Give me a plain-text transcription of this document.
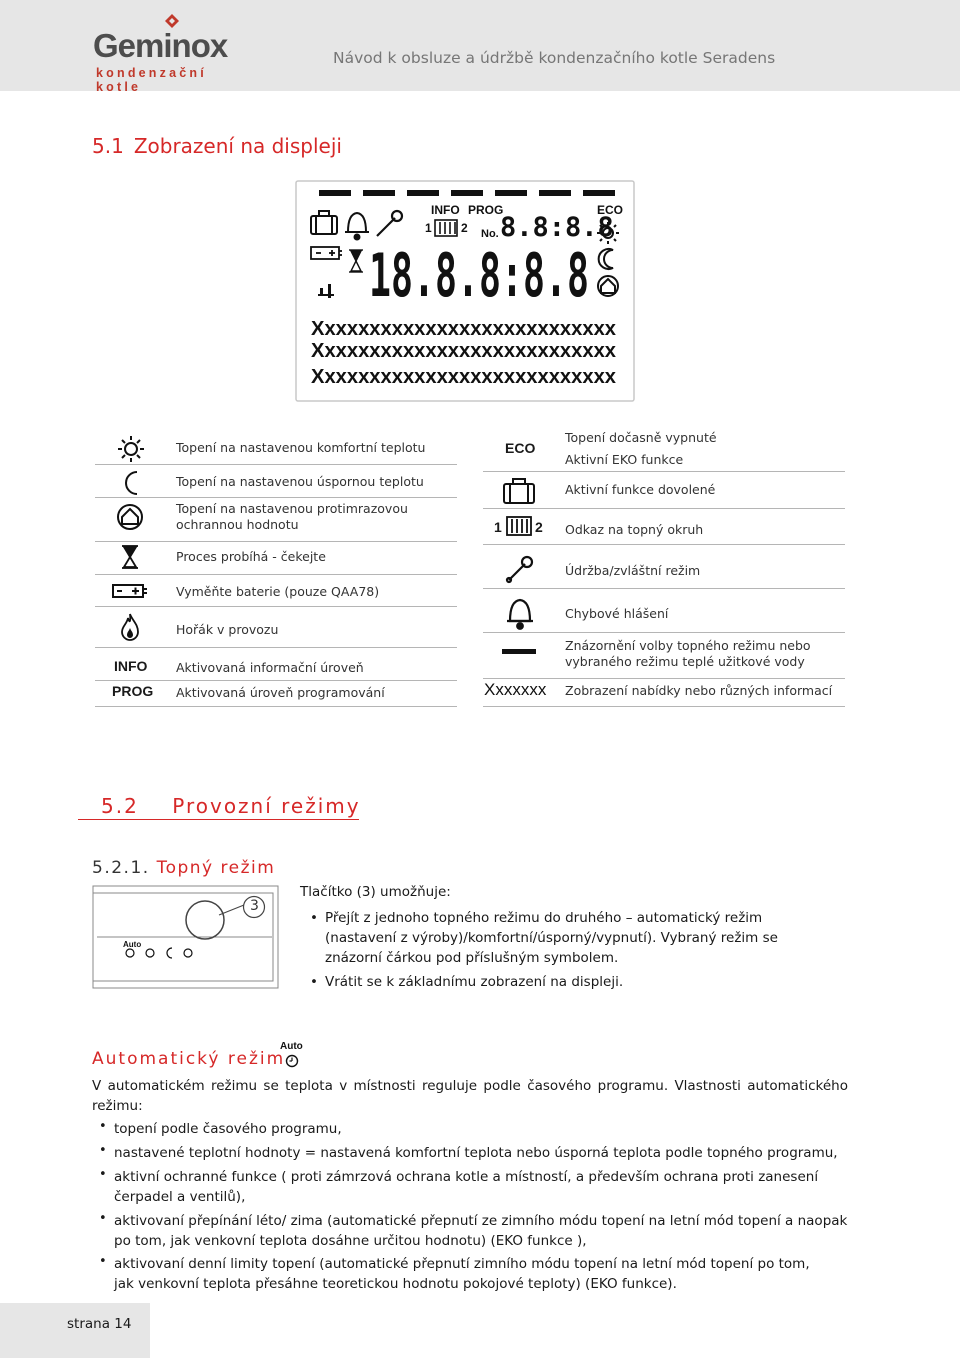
Geminox
kondenzační kotle
Návod k obsluze a údržbě kondenzačního kotle Seradens
5.1 Zobrazení na displeji
INFO PROG
1 2 No. 8.8:8.8
ECO
18.8.8:8.8
Xxxxxxxxxxxxxxxxxxxxxxxxxxx
Xxxxxxxxxxxxxxxxxxxxxxxxxxx
Xxxxxxxxxxxxxxxxxxxxxxxxxxx
Topení na nastavenou komfortní teplotu
Topení na nastavenou úspornou teplotu
Topení na nastavenou protimrazovou ochrannou hodnotu
Proces probíhá - čekejte
Vyměňte baterie (pouze QAA78)
Hořák v provozu
INFO Aktivovaná informační úroveň
PROG Aktivovaná úroveň programování
ECO
Topení dočasně vypnuté
Aktivní EKO funkce
Aktivní funkce dovolené
1 2 Odkaz na topný okruh
Údržba/zvláštní režim
Chybové hlášení
Znázornění volby topného režimu nebo vybraného režimu teplé užitkové vody
Xxxxxxx Zobrazení nabídky nebo různých informací
5.2 Provozní režimy
5.2.1. Topný režim
Auto
3
Tlačítko (3) umožňuje:
• Přejít z jednoho topného režimu do druhého – automatický režim (nastavení z výroby)/komfortní/úsporný/vypnutí). Vybraný režim se znázorní čárkou pod příslušným symbolem.
• Vrátit se k základnímu zobrazení na displeji.
Automatický režim
Auto
V automatickém režimu se teplota v místnosti reguluje podle časového programu. Vlastnosti automatického režimu:
• topení podle časového programu,
• nastavené teplotní hodnoty = nastavená komfortní teplota nebo úsporná teplota podle topného programu,
• aktivní ochranné funkce ( proti zámrzová ochrana kotle a místností, a především ochrana proti zanesení čerpadel a ventilů),
• aktivovaní přepínání léto/ zima (automatické přepnutí ze zimního módu topení na letní mód topení a naopak po tom, jak venkovní teplota dosáhne určitou hodnotu) (EKO funkce ),
• aktivovaní denní limity topení (automatické přepnutí zimního módu topení na letní mód topení po tom, jak venkovní teplota přesáhne teoretickou hodnotu pokojové teploty) (EKO funkce).
strana 14
